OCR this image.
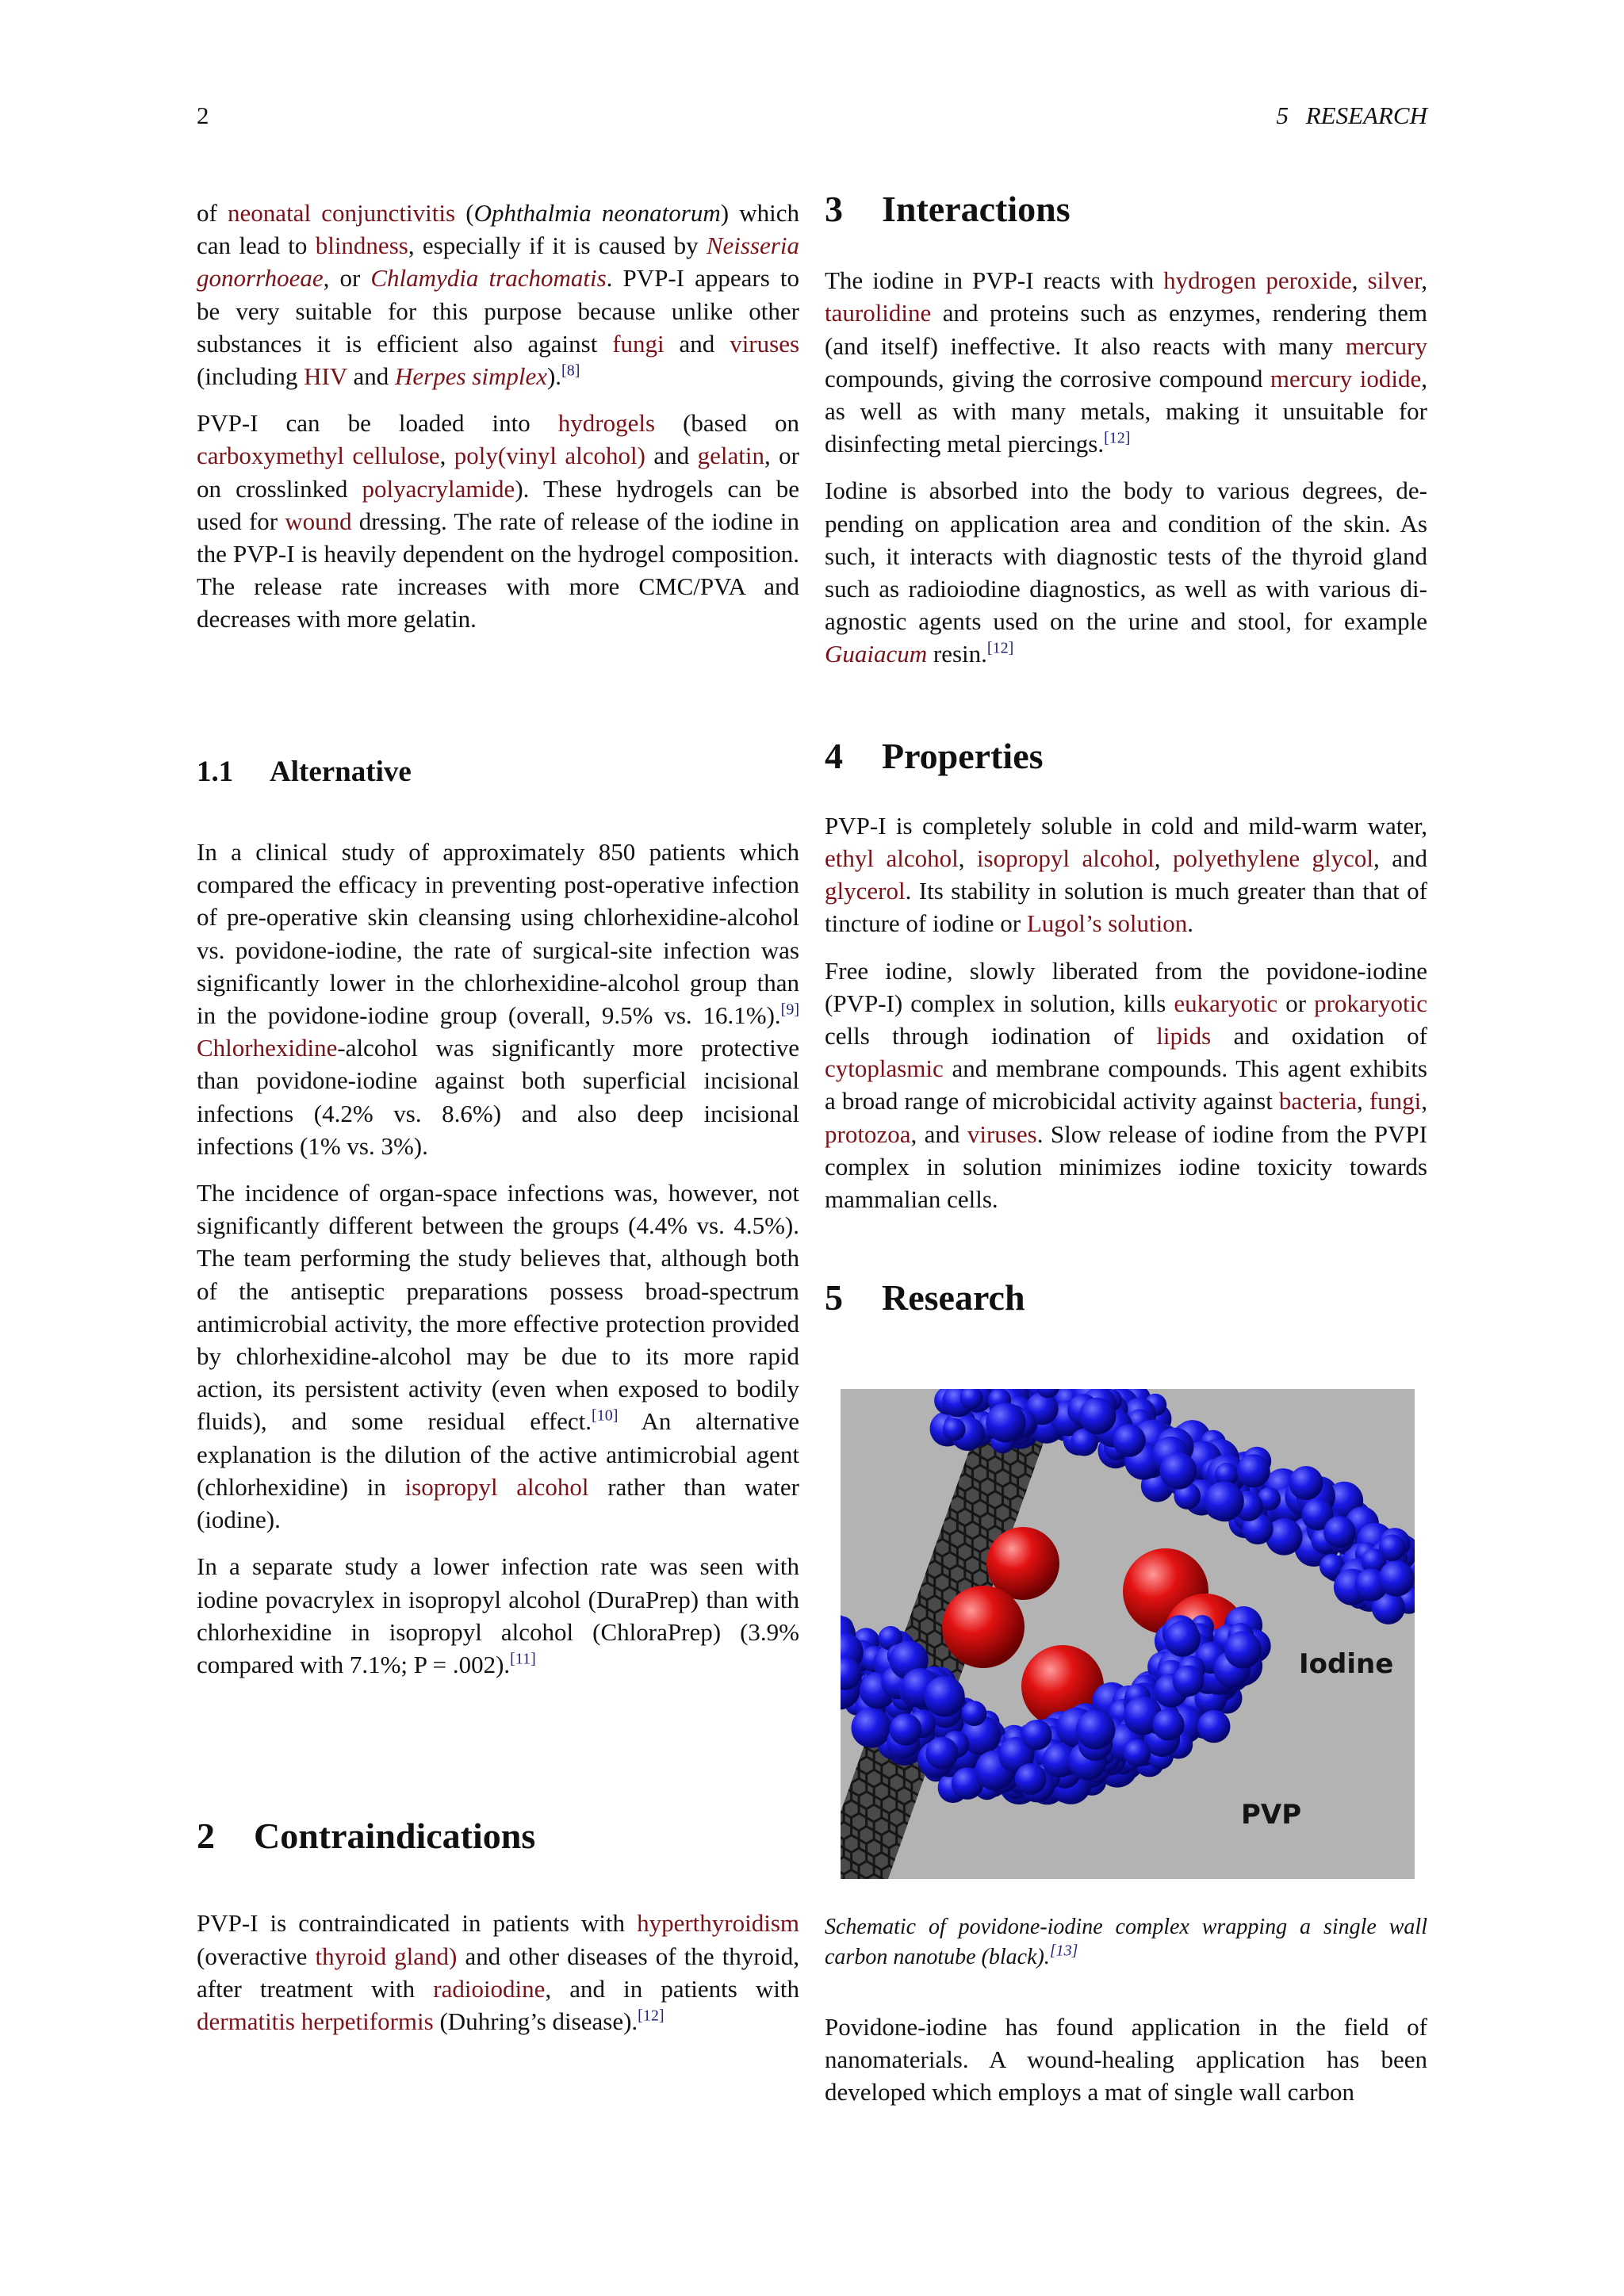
2	5 RESEARCH

of neonatal conjunctivitis (Ophthalmia neonatorum) which can lead to blindness, especially if it is caused by Neisseria gonorrhoeae, or Chlamydia trachomatis. PVP-I appears to be very suitable for this purpose because unlike other substances it is efficient also against fungi and viruses (including HIV and Herpes simplex).[8]

PVP-I can be loaded into hydrogels (based on carboxymethyl cellulose, poly(vinyl alcohol) and gelatin, or on crosslinked polyacrylamide). These hydrogels can be used for wound dressing. The rate of release of the iodine in the PVP-I is heavily dependent on the hydrogel composition. The release rate increases with more CMC/PVA and decreases with more gelatin.

1.1 Alternative

In a clinical study of approximately 850 patients which compared the efficacy in preventing post-operative infection of pre-operative skin cleansing using chlorhexidine-alcohol vs. povidone-iodine, the rate of surgical-site infection was significantly lower in the chlorhexidine-alcohol group than in the povidone-iodine group (overall, 9.5% vs. 16.1%).[9] Chlorhexidine-alcohol was significantly more protective than povidone-iodine against both superficial incisional infections (4.2% vs. 8.6%) and also deep incisional infections (1% vs. 3%).

The incidence of organ-space infections was, however, not significantly different between the groups (4.4% vs. 4.5%). The team performing the study believes that, although both of the antiseptic preparations possess broad-spectrum antimicrobial activity, the more effective protection provided by chlorhexidine-alcohol may be due to its more rapid action, its persistent activity (even when exposed to bodily fluids), and some residual effect.[10] An alternative explanation is the dilution of the active antimicrobial agent (chlorhexidine) in isopropyl alcohol rather than water (iodine).

In a separate study a lower infection rate was seen with iodine povacrylex in isopropyl alcohol (DuraPrep) than with chlorhexidine in isopropyl alcohol (ChloraPrep) (3.9% compared with 7.1%; P = .002).[11]

2 Contraindications

PVP-I is contraindicated in patients with hyperthyroidism (overactive thyroid gland) and other diseases of the thyroid, after treatment with radioiodine, and in patients with dermatitis herpetiformis (Duhring’s disease).[12]

3 Interactions

The iodine in PVP-I reacts with hydrogen peroxide, silver, taurolidine and proteins such as enzymes, rendering them (and itself) ineffective. It also reacts with many mercury compounds, giving the corrosive compound mercury iodide, as well as with many metals, making it unsuitable for disinfecting metal piercings.[12]

Iodine is absorbed into the body to various degrees, depending on application area and condition of the skin. As such, it interacts with diagnostic tests of the thyroid gland such as radioiodine diagnostics, as well as with various diagnostic agents used on the urine and stool, for example Guaiacum resin.[12]

4 Properties

PVP-I is completely soluble in cold and mild-warm water, ethyl alcohol, isopropyl alcohol, polyethylene glycol, and glycerol. Its stability in solution is much greater than that of tincture of iodine or Lugol’s solution.

Free iodine, slowly liberated from the povidone-iodine (PVP-I) complex in solution, kills eukaryotic or prokaryotic cells through iodination of lipids and oxidation of cytoplasmic and membrane compounds. This agent exhibits a broad range of microbicidal activity against bacteria, fungi, protozoa, and viruses. Slow release of iodine from the PVPI complex in solution minimizes iodine toxicity towards mammalian cells.

5 Research
Iodine
PVP
Schematic of povidone-iodine complex wrapping a single wall carbon nanotube (black).[13]

Povidone-iodine has found application in the field of nanomaterials. A wound-healing application has been developed which employs a mat of single wall carbon
